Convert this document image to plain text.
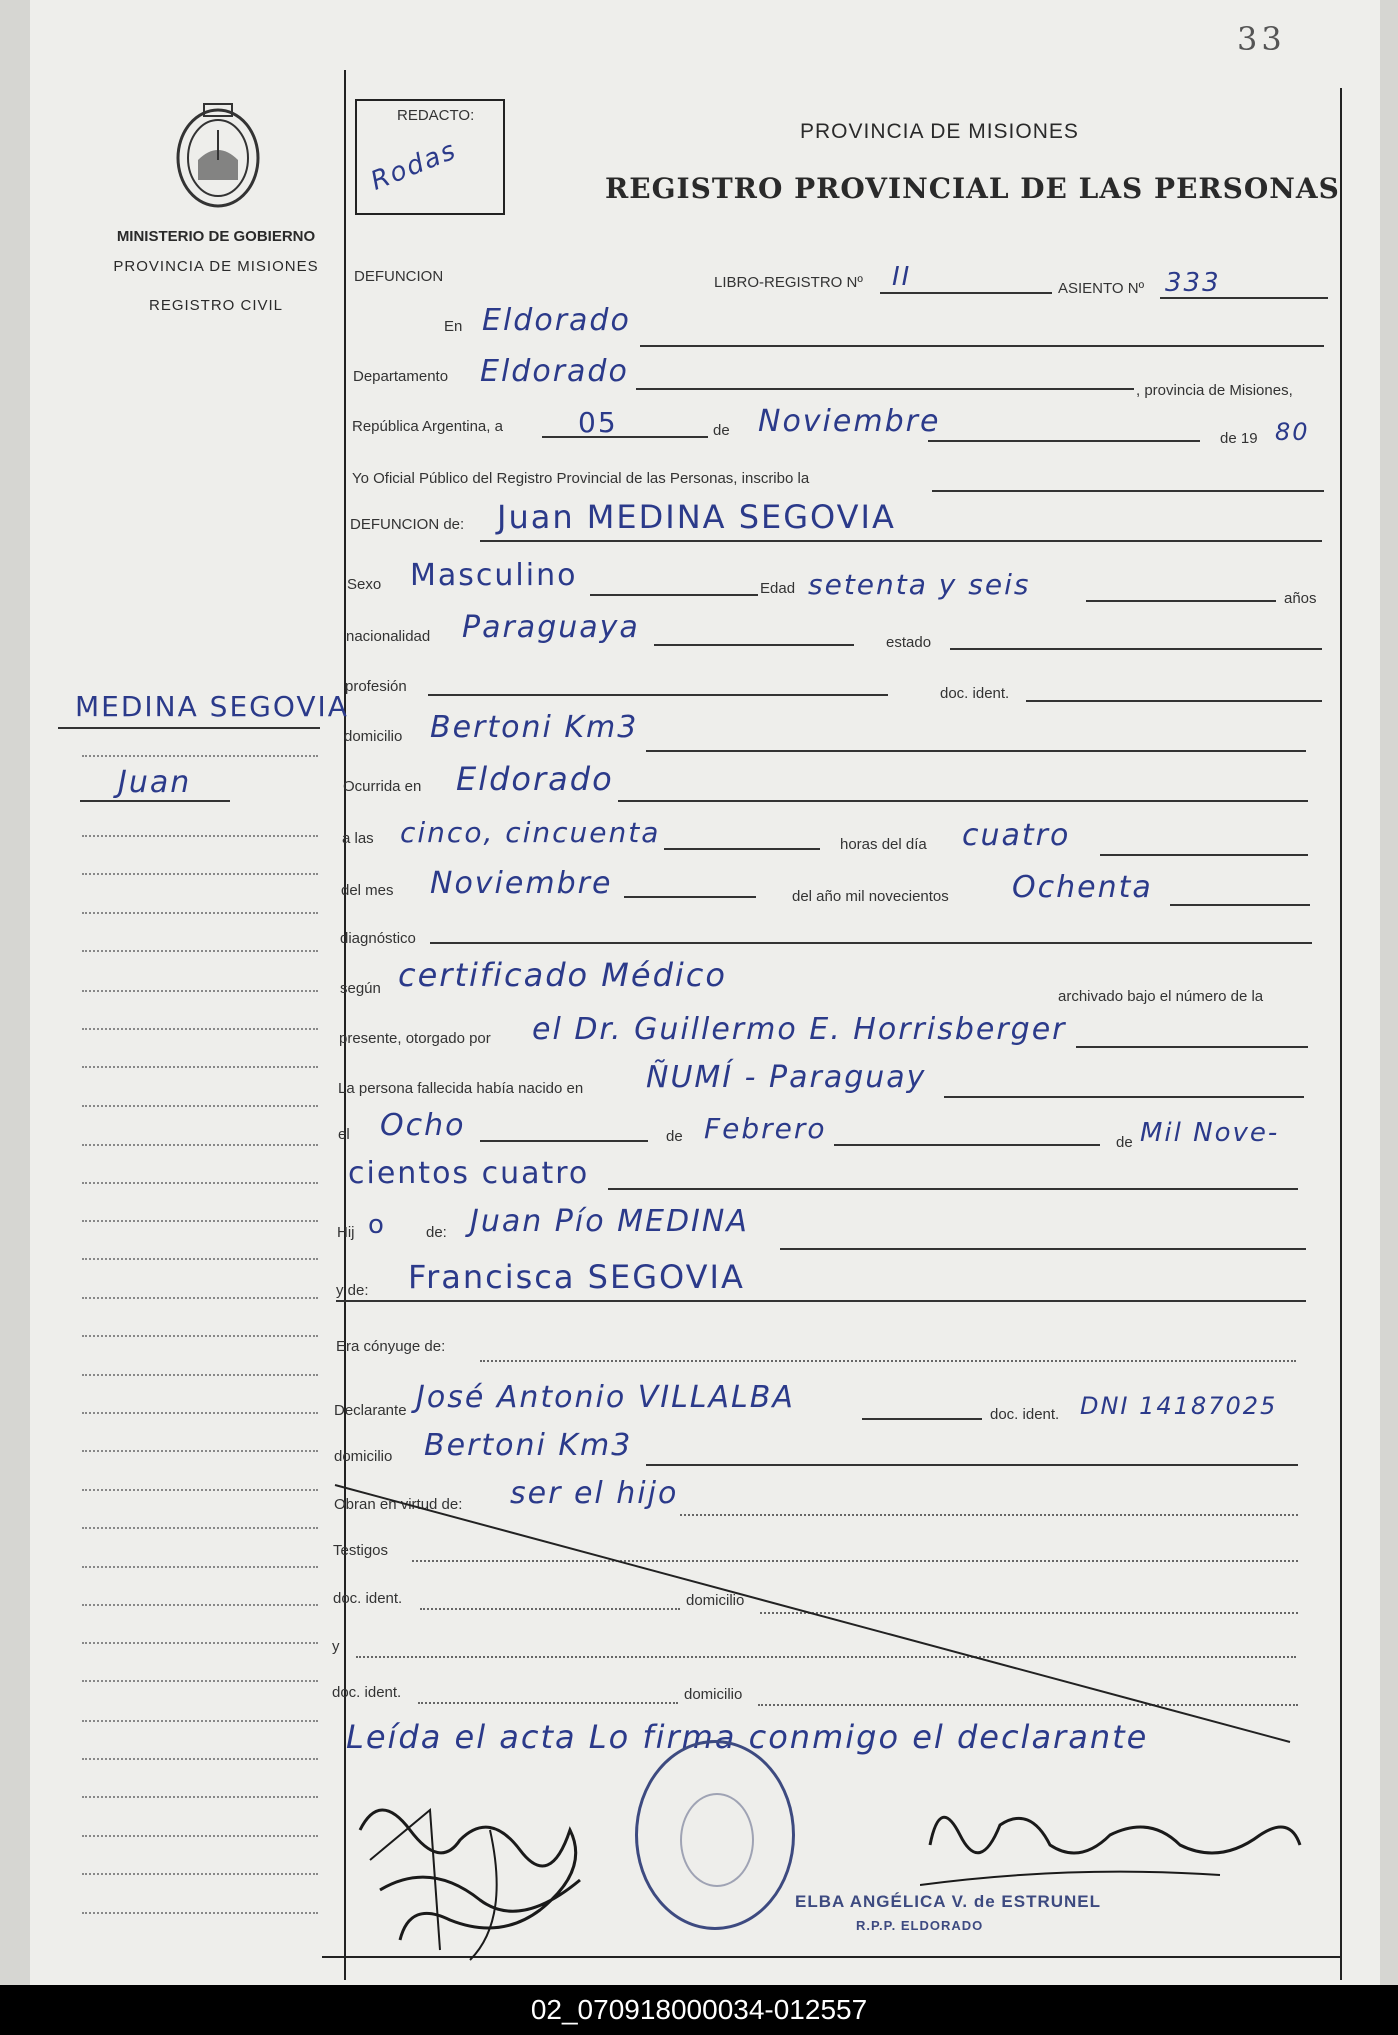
33
MINISTERIO DE GOBIERNO
PROVINCIA DE MISIONES
REGISTRO CIVIL
REDACTO:
Rodas
PROVINCIA DE MISIONES
REGISTRO PROVINCIAL DE LAS PERSONAS
MEDINA SEGOVIA
Juan
DEFUNCION	LIBRO-REGISTRO Nº II	ASIENTO Nº 333
En Eldorado
Departamento Eldorado
, provincia de Misiones,
República Argentina, a	05	de Noviembre	de 19 80
Yo Oficial Público del Registro Provincial de las Personas, inscribo la
DEFUNCION de: Juan MEDINA SEGOVIA
Sexo Masculino	Edad setenta y seis	años
nacionalidad Paraguaya	estado
profesión	doc. ident.
domicilio Bertoni Km3
Ocurrida en Eldorado
a las cinco, cincuenta	horas del día cuatro
del mes Noviembre	del año mil novecientos Ochenta
diagnóstico
según certificado Médico
archivado bajo el número de la
presente, otorgado por el Dr. Guillermo E. Horrisberger
La persona fallecida había nacido en ÑUMÍ - Paraguay
el Ocho	de Febrero	de Mil Nove-
cientos cuatro
Hij o	de: Juan Pío MEDINA
y de: Francisca SEGOVIA
Era cónyuge de:
Declarante José Antonio VILLALBA	doc. ident. DNI 14187025
domicilio Bertoni Km3
Obran en virtud de: ser el hijo
Testigos
doc. ident.	domicilio
y
doc. ident.	domicilio
Leída el acta Lo firma conmigo el declarante
ELBA ANGÉLICA V. de ESTRUNEL
R.P.P. ELDORADO
02_070918000034-012557
